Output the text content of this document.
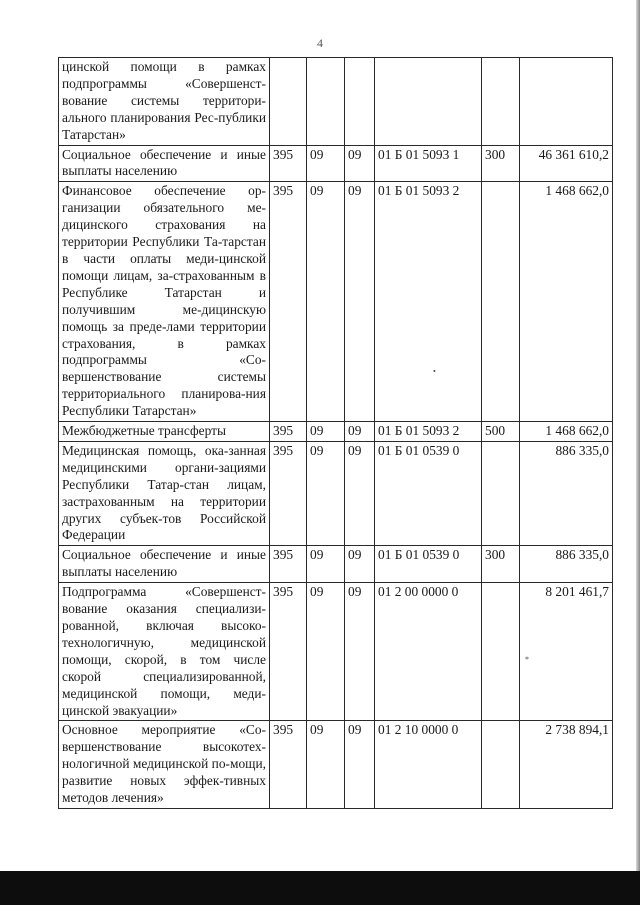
4
цинской помощи в рамках подпрограммы «Совершенст-вование системы территори-ального планирования Рес-публики Татарстан»						
Социальное обеспечение и иные выплаты населению	395	09	09	01 Б 01 5093 1	300	46 361 610,2
Финансовое обеспечение ор-ганизации обязательного ме-дицинского страхования на территории Республики Та-тарстан в части оплаты меди-цинской помощи лицам, за-страхованным в Республике Татарстан и получившим ме-дицинскую помощь за преде-лами территории страхования, в рамках подпрограммы «Со-вершенствование системы территориального планирова-ния Республики Татарстан»	395	09	09	01 Б 01 5093 2		1 468 662,0
Межбюджетные трансферты	395	09	09	01 Б 01 5093 2	500	1 468 662,0
Медицинская помощь, ока-занная медицинскими органи-зациями Республики Татар-стан лицам, застрахованным на территории других субъек-тов Российской Федерации	395	09	09	01 Б 01 0539 0		886 335,0
Социальное обеспечение и иные выплаты населению	395	09	09	01 Б 01 0539 0	300	886 335,0
Подпрограмма «Совершенст-вование оказания специализи-рованной, включая высоко-технологичную, медицинской помощи, скорой, в том числе скорой специализированной, медицинской помощи, меди-цинской эвакуации»	395	09	09	01 2 00 0000 0		8 201 461,7
Основное мероприятие «Со-вершенствование высокотех-нологичной медицинской по-мощи, развитие новых эффек-тивных методов лечения»	395	09	09	01 2 10 0000 0		2 738 894,1
•
*
